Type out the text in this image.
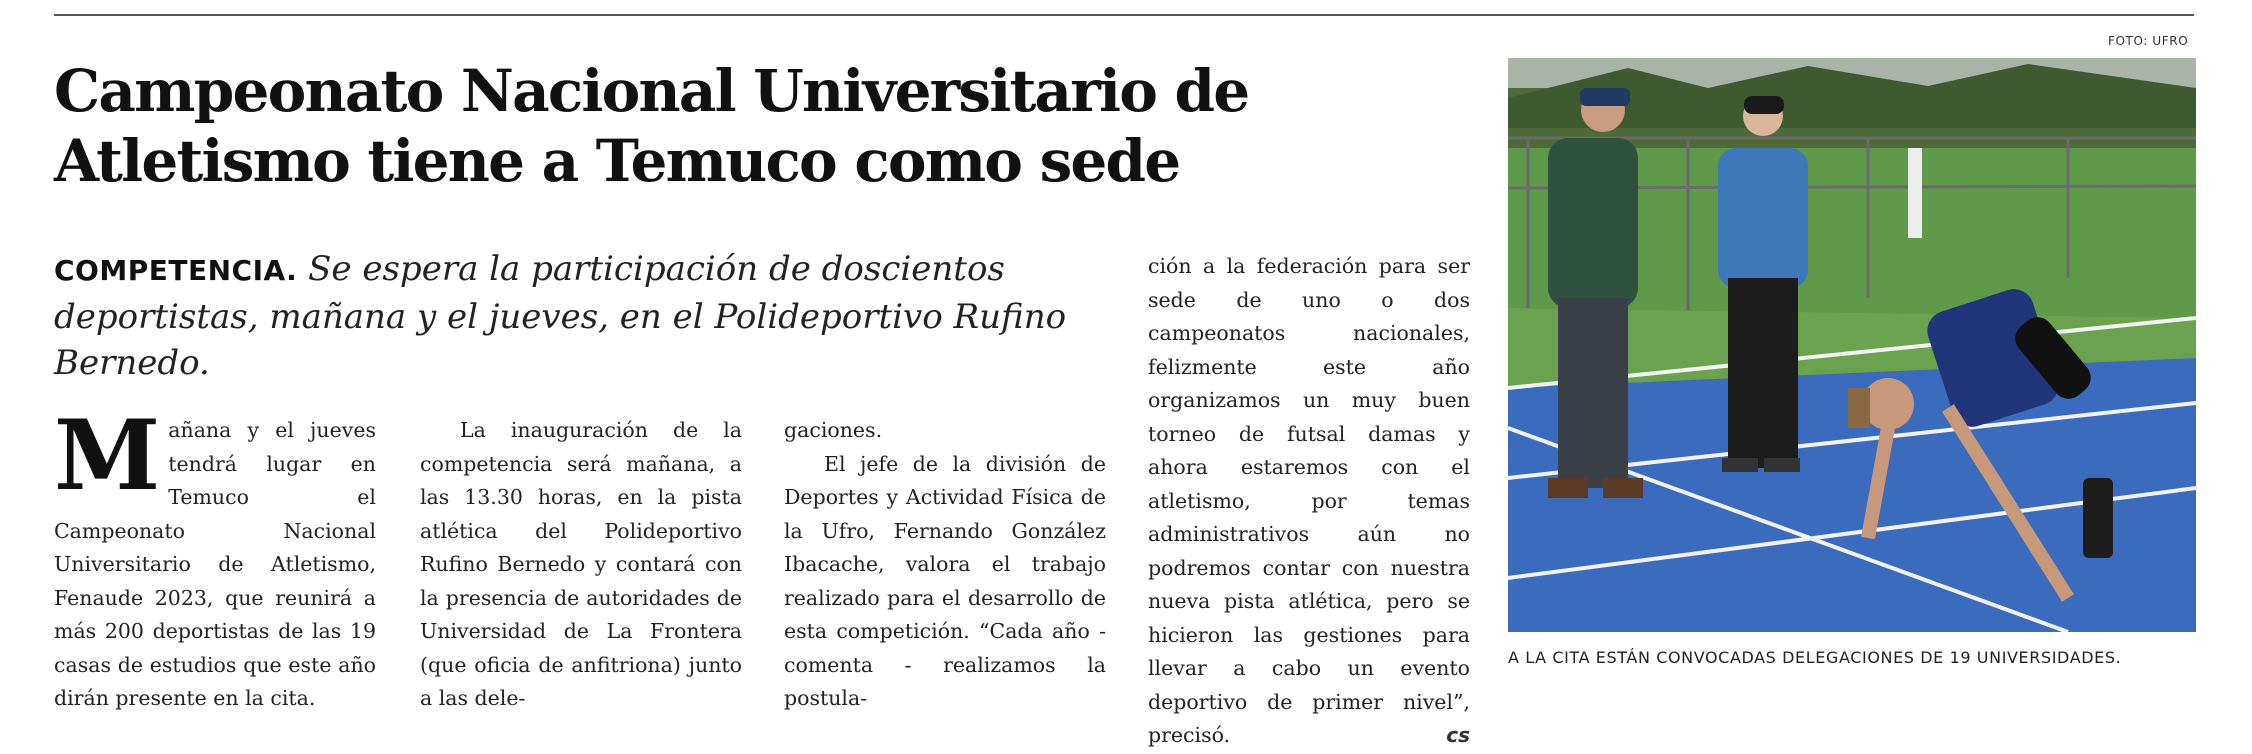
Campeonato Nacional Universitario de
Atletismo tiene a Temuco como sede
COMPETENCIA. Se espera la participación de doscientos deportistas, mañana y el jueves, en el Polideportivo Rufino Bernedo.
M añana y el jueves tendrá lugar en Temuco el Campeonato Nacional Universitario de Atletismo, Fenaude 2023, que reunirá a más 200 deportistas de las 19 casas de estudios que este año dirán presente en la cita.

La inauguración de la competencia será mañana, a las 13.30 horas, en la pista atlética del Polideportivo Rufino Bernedo y contará con la presencia de autoridades de Universidad de La Frontera (que oficia de anfitriona) junto a las dele-

gaciones.

El jefe de la división de Deportes y Actividad Física de la Ufro, Fernando González Ibacache, valora el trabajo realizado para el desarrollo de esta competición. “Cada año - comenta - realizamos la postula-

ción a la federación para ser sede de uno o dos campeonatos nacionales, felizmente este año organizamos un muy buen torneo de futsal damas y ahora estaremos con el atletismo, por temas administrativos aún no podremos contar con nuestra nueva pista atlética, pero se hicieron las gestiones para llevar a cabo un evento deportivo de primer nivel”, precisó.	cs

FOTO: UFRO
A LA CITA ESTÁN CONVOCADAS DELEGACIONES DE 19 UNIVERSIDADES.
